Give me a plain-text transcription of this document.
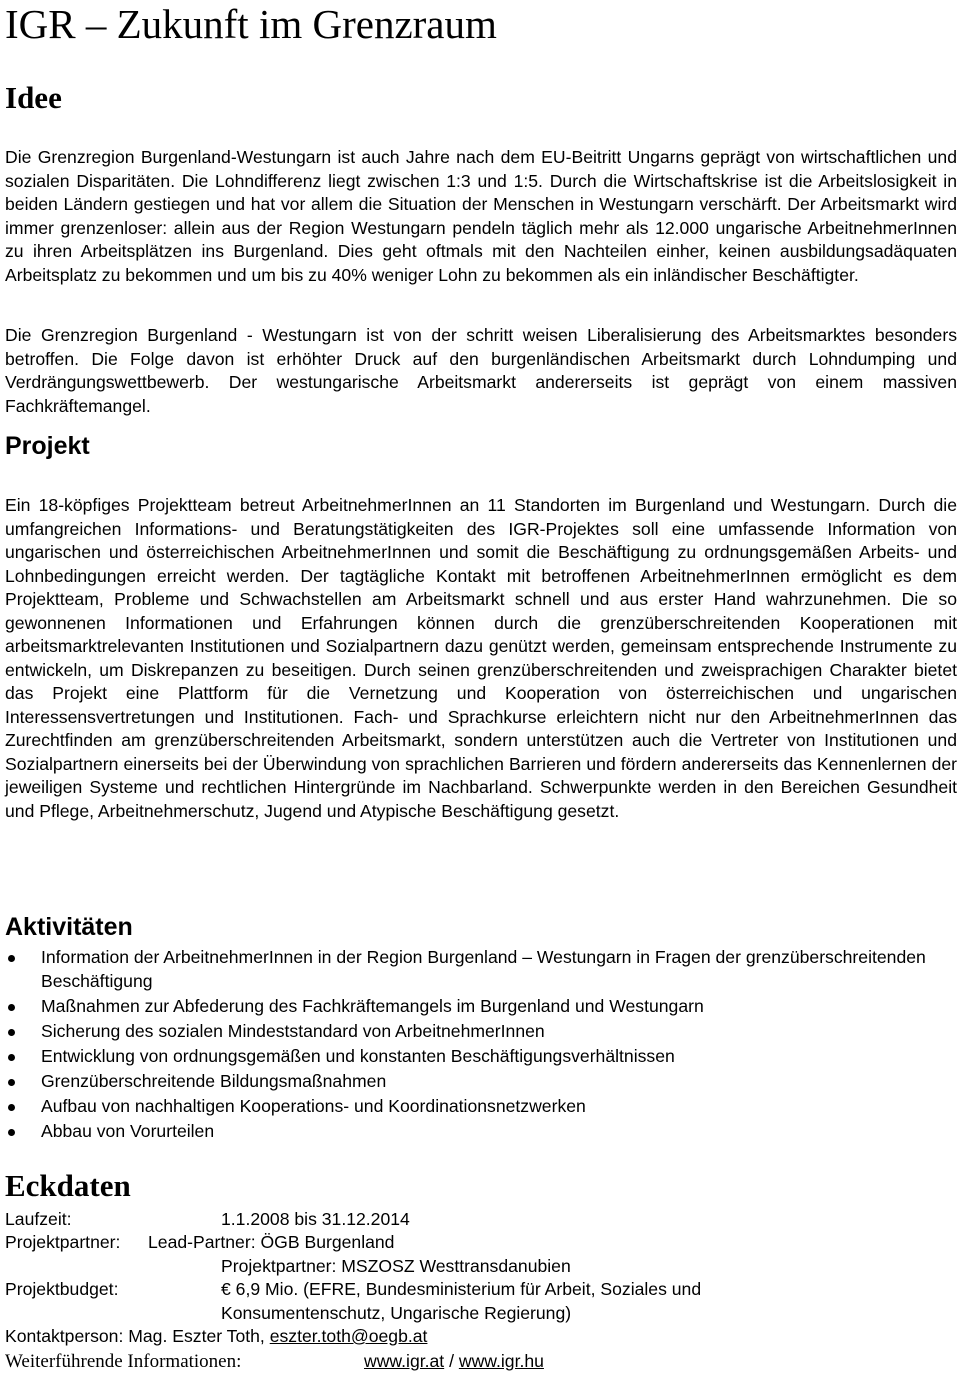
IGR – Zukunft im Grenzraum
Idee

Die Grenzregion Burgenland-Westungarn ist auch Jahre nach dem EU-Beitritt Ungarns geprägt von wirtschaftlichen und sozialen Disparitäten. Die Lohndifferenz liegt zwischen 1:3 und 1:5. Durch die Wirtschaftskrise ist die Arbeitslosigkeit in beiden Ländern gestiegen und hat vor allem die Situation der Menschen in Westungarn verschärft. Der Arbeitsmarkt wird immer grenzenloser: allein aus der Region Westungarn pendeln täglich mehr als 12.000 ungarische ArbeitnehmerInnen zu ihren Arbeitsplätzen ins Burgenland. Dies geht oftmals mit den Nachteilen einher, keinen ausbildungsadäquaten Arbeitsplatz zu bekommen und um bis zu 40% weniger Lohn zu bekommen als ein inländischer Beschäftigter.

Die Grenzregion Burgenland - Westungarn ist von der schritt weisen Liberalisierung des Arbeitsmarktes besonders betroffen. Die Folge davon ist erhöhter Druck auf den burgenländischen Arbeitsmarkt durch Lohndumping und Verdrängungswettbewerb. Der westungarische Arbeitsmarkt andererseits ist geprägt von einem massiven Fachkräftemangel.

Projekt

Ein 18-köpfiges Projektteam betreut ArbeitnehmerInnen an 11 Standorten im Burgenland und Westungarn. Durch die umfangreichen Informations- und Beratungstätigkeiten des IGR-Projektes soll eine umfassende Information von ungarischen und österreichischen ArbeitnehmerInnen und somit die Beschäftigung zu ordnungsgemäßen Arbeits- und Lohnbedingungen erreicht werden. Der tagtägliche Kontakt mit betroffenen ArbeitnehmerInnen ermöglicht es dem Projektteam, Probleme und Schwachstellen am Arbeitsmarkt schnell und aus erster Hand wahrzunehmen. Die so gewonnenen Informationen und Erfahrungen können durch die grenzüberschreitenden Kooperationen mit arbeitsmarktrelevanten Institutionen und Sozialpartnern dazu genützt werden, gemeinsam entsprechende Instrumente zu entwickeln, um Diskrepanzen zu beseitigen. Durch seinen grenzüberschreitenden und zweisprachigen Charakter bietet das Projekt eine Plattform für die Vernetzung und Kooperation von österreichischen und ungarischen Interessensvertretungen und Institutionen. Fach- und Sprachkurse erleichtern nicht nur den ArbeitnehmerInnen das Zurechtfinden am grenzüberschreitenden Arbeitsmarkt, sondern unterstützen auch die Vertreter von Institutionen und Sozialpartnern einerseits bei der Überwindung von sprachlichen Barrieren und fördern andererseits das Kennenlernen der jeweiligen Systeme und rechtlichen Hintergründe im Nachbarland. Schwerpunkte werden in den Bereichen Gesundheit und Pflege, Arbeitnehmerschutz, Jugend und Atypische Beschäftigung gesetzt.

Aktivitäten
Information der ArbeitnehmerInnen in der Region Burgenland – Westungarn in Fragen der grenzüberschreitenden Beschäftigung
Maßnahmen zur Abfederung des Fachkräftemangels im Burgenland und Westungarn
Sicherung des sozialen Mindeststandard von ArbeitnehmerInnen
Entwicklung von ordnungsgemäßen und konstanten Beschäftigungsverhältnissen
Grenzüberschreitende Bildungsmaßnahmen
Aufbau von nachhaltigen Kooperations- und Koordinationsnetzwerken
Abbau von Vorurteilen
Eckdaten
Laufzeit:	1.1.2008 bis 31.12.2014
Projektpartner: Lead-Partner: ÖGB Burgenland
Projektpartner: MSZOSZ Westtransdanubien
Projektbudget:	€ 6,9 Mio. (EFRE, Bundesministerium für Arbeit, Soziales und
Konsumentenschutz, Ungarische Regierung)
Kontaktperson: Mag. Eszter Toth, eszter.toth@oegb.at
Weiterführende Informationen:	www.igr.at / www.igr.hu
